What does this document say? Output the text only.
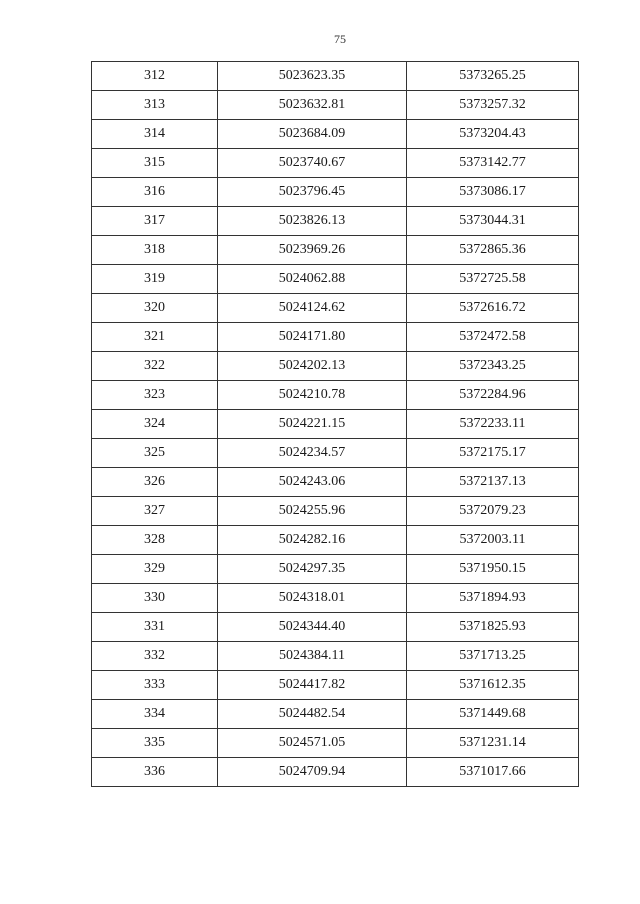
75
312	5023623.35	5373265.25
313	5023632.81	5373257.32
314	5023684.09	5373204.43
315	5023740.67	5373142.77
316	5023796.45	5373086.17
317	5023826.13	5373044.31
318	5023969.26	5372865.36
319	5024062.88	5372725.58
320	5024124.62	5372616.72
321	5024171.80	5372472.58
322	5024202.13	5372343.25
323	5024210.78	5372284.96
324	5024221.15	5372233.11
325	5024234.57	5372175.17
326	5024243.06	5372137.13
327	5024255.96	5372079.23
328	5024282.16	5372003.11
329	5024297.35	5371950.15
330	5024318.01	5371894.93
331	5024344.40	5371825.93
332	5024384.11	5371713.25
333	5024417.82	5371612.35
334	5024482.54	5371449.68
335	5024571.05	5371231.14
336	5024709.94	5371017.66
